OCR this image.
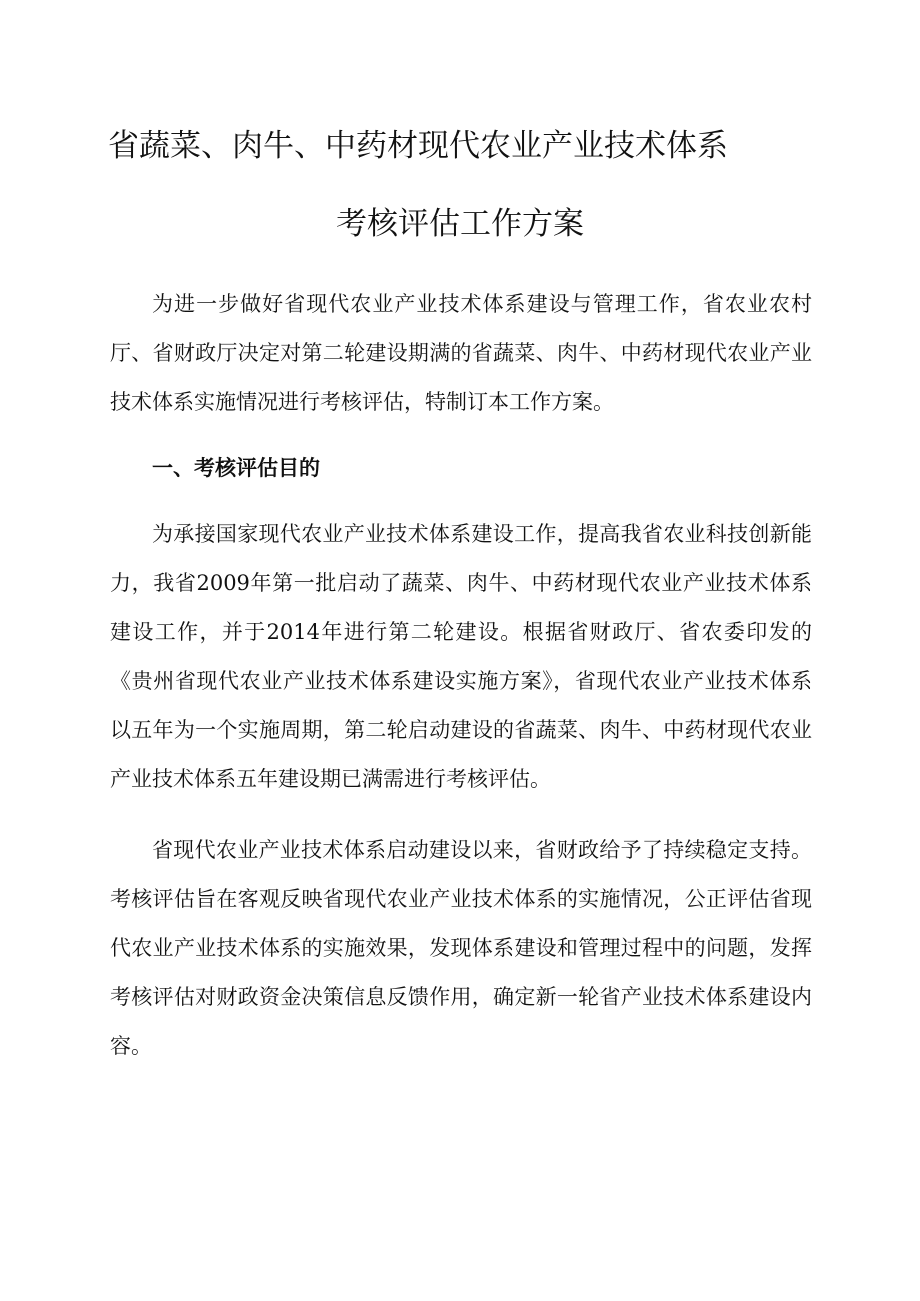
省蔬菜、肉牛、中药材现代农业产业技术体系
考核评估工作方案

为进一步做好省现代农业产业技术体系建设与管理工作，省农业农村厅、省财政厅决定对第二轮建设期满的省蔬菜、肉牛、中药材现代农业产业技术体系实施情况进行考核评估，特制订本工作方案。

一、考核评估目的

为承接国家现代农业产业技术体系建设工作，提高我省农业科技创新能力，我省2009年第一批启动了蔬菜、肉牛、中药材现代农业产业技术体系建设工作，并于2014年进行第二轮建设。根据省财政厅、省农委印发的《贵州省现代农业产业技术体系建设实施方案》，省现代农业产业技术体系以五年为一个实施周期，第二轮启动建设的省蔬菜、肉牛、中药材现代农业产业技术体系五年建设期已满需进行考核评估。

省现代农业产业技术体系启动建设以来，省财政给予了持续稳定支持。考核评估旨在客观反映省现代农业产业技术体系的实施情况，公正评估省现代农业产业技术体系的实施效果，发现体系建设和管理过程中的问题，发挥考核评估对财政资金决策信息反馈作用，确定新一轮省产业技术体系建设内容。
